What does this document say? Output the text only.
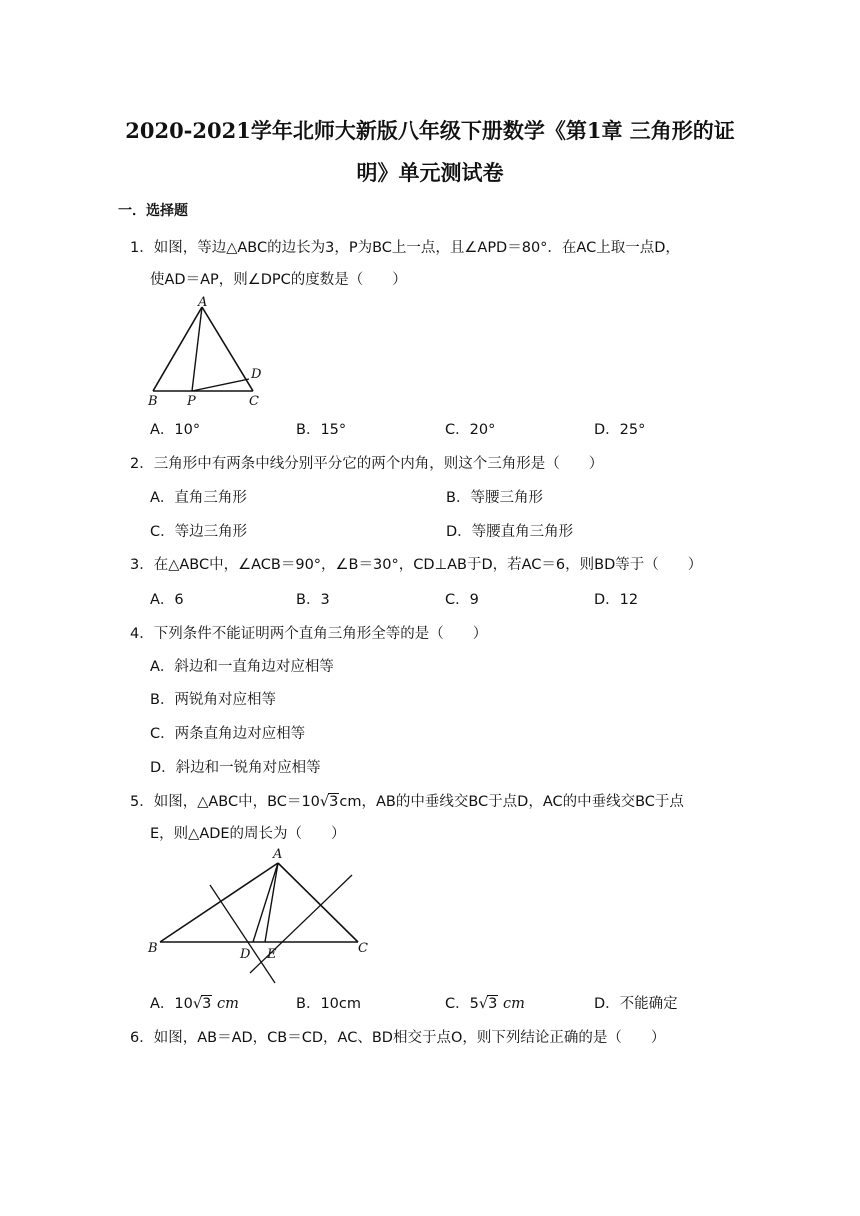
2020-2021学年北师大新版八年级下册数学《第1章 三角形的证
明》单元测试卷
一．选择题
1．如图，等边△ABC的边长为3，P为BC上一点，且∠APD＝80°．在AC上取一点D，
使AD＝AP，则∠DPC的度数是（　　）
A
B P	C
D
A．10°	B．15°	C．20°	D．25°
2．三角形中有两条中线分别平分它的两个内角，则这个三角形是（　　）
A．直角三角形	B．等腰三角形
C．等边三角形	D．等腰直角三角形
3．在△ABC中，∠ACB＝90°，∠B＝30°，CD⊥AB于D，若AC＝6，则BD等于（　　）
A．6	B．3	C．9	D．12
4．下列条件不能证明两个直角三角形全等的是（　　）
A．斜边和一直角边对应相等
B．两锐角对应相等
C．两条直角边对应相等
D．斜边和一锐角对应相等
5．如图，△ABC中，BC＝10√3cm，AB的中垂线交BC于点D，AC的中垂线交BC于点
E，则△ADE的周长为（　　）
A
B	D E	C
A．10√3 cm	B．10cm	C．5√3 cm	D．不能确定
6．如图，AB＝AD，CB＝CD，AC、BD相交于点O，则下列结论正确的是（　　）
